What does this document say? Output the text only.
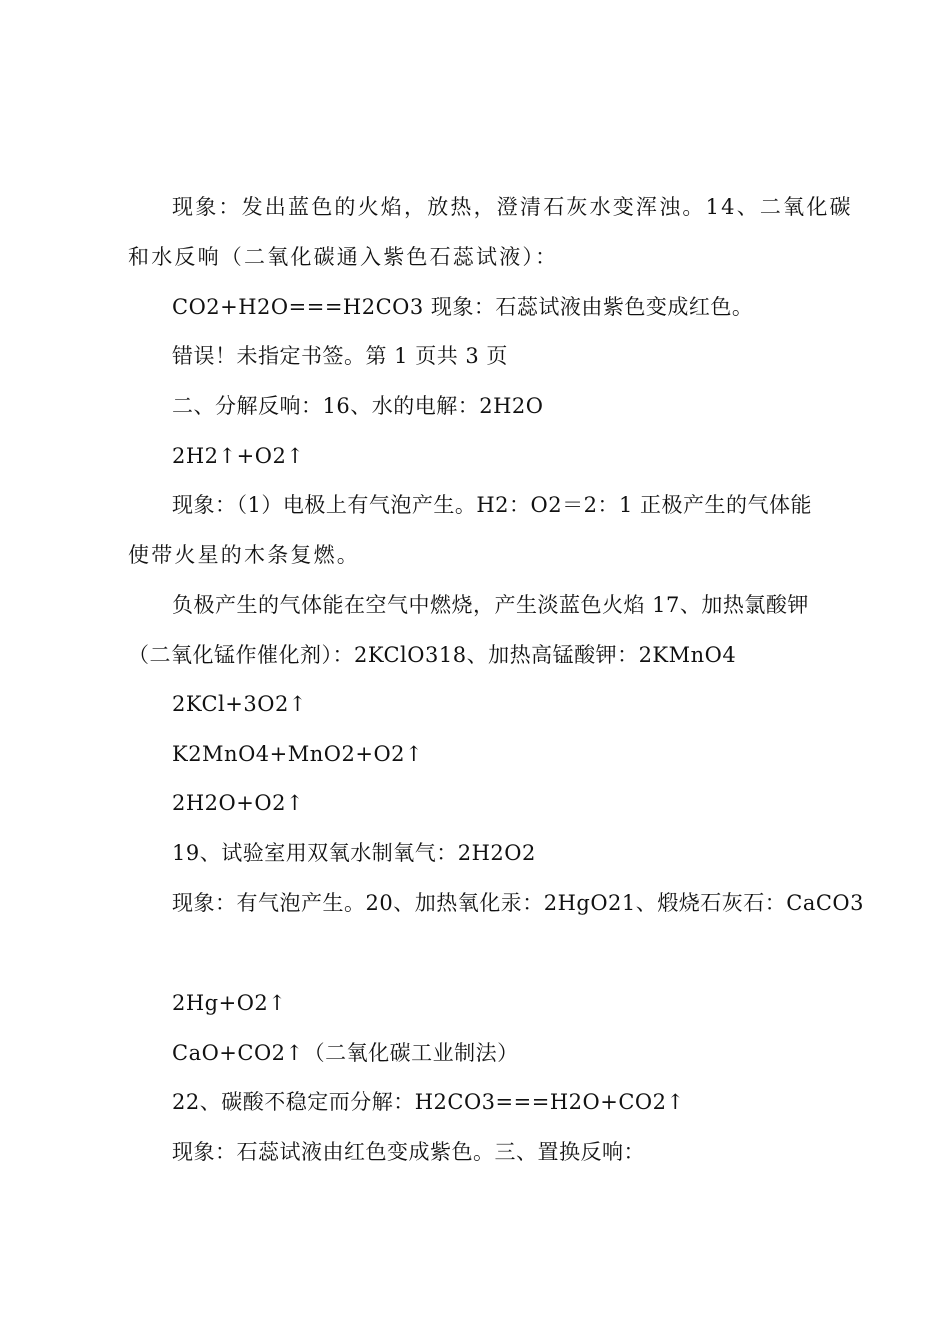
现象：发出蓝色的火焰，放热，澄清石灰水变浑浊。14、二氧化碳
和水反响（二氧化碳通入紫色石蕊试液）：
CO2+H2O===H2CO3 现象：石蕊试液由紫色变成红色。
错误！未指定书签。第 1 页共 3 页
二、分解反响：16、水的电解：2H2O
2H2↑+O2↑
现象：（1）电极上有气泡产生。H2：O2＝2：1 正极产生的气体能
使带火星的木条复燃。
负极产生的气体能在空气中燃烧，产生淡蓝色火焰 17、加热氯酸钾
（二氧化锰作催化剂）：2KClO318、加热高锰酸钾：2KMnO4
2KCl+3O2↑
K2MnO4+MnO2+O2↑
2H2O+O2↑
19、试验室用双氧水制氧气：2H2O2
现象：有气泡产生。20、加热氧化汞：2HgO21、煅烧石灰石：CaCO3
2Hg+O2↑
CaO+CO2↑（二氧化碳工业制法）
22、碳酸不稳定而分解：H2CO3===H2O+CO2↑
现象：石蕊试液由红色变成紫色。三、置换反响：
